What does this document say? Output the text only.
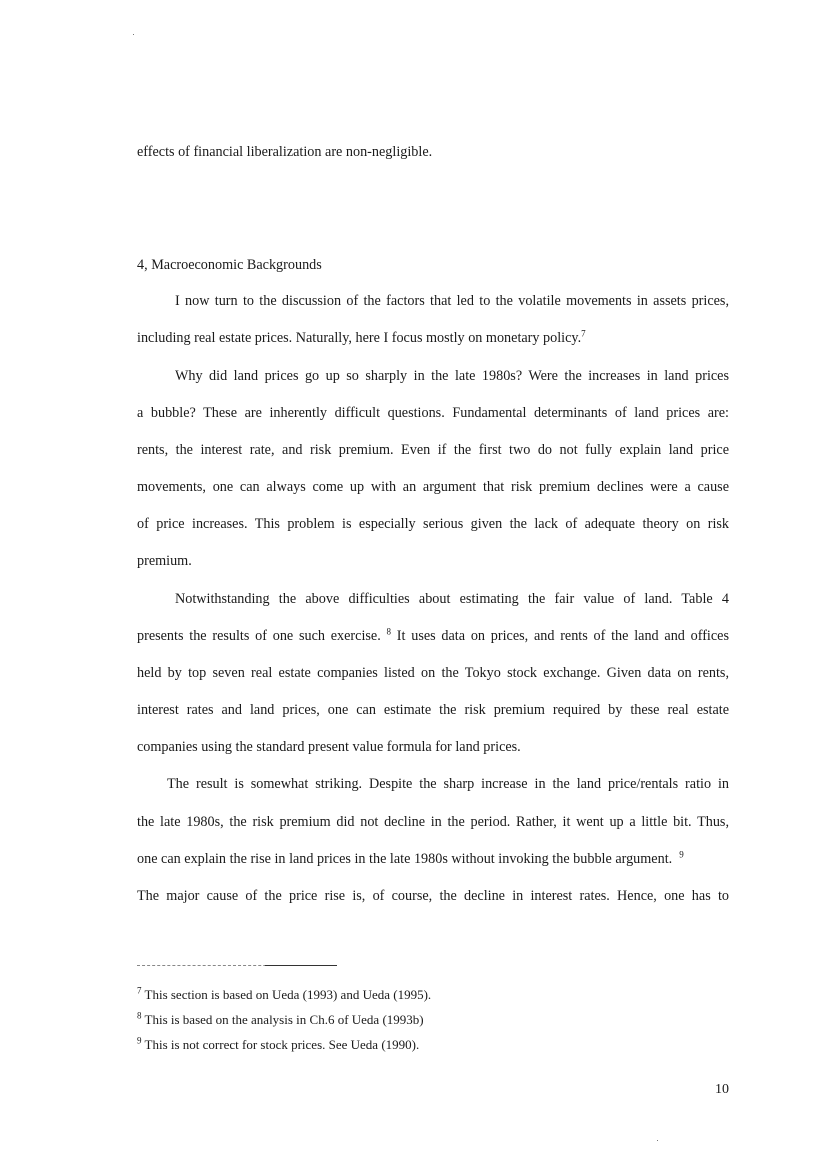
effects of financial liberalization are non-negligible.
4, Macroeconomic Backgrounds
I now turn to the discussion of the factors that led to the volatile movements in assets prices,
including real estate prices. Naturally, here I focus mostly on monetary policy.$^7$
Why did land prices go up so sharply in the late 1980s? Were the increases in land prices
a bubble? These are inherently difficult questions. Fundamental determinants of land prices are:
rents, the interest rate, and risk premium. Even if the first two do not fully explain land price
movements, one can always come up with an argument that risk premium declines were a cause
of price increases. This problem is especially serious given the lack of adequate theory on risk
premium.
Notwithstanding the above difficulties about estimating the fair value of land. Table 4
presents the results of one such exercise. $^8$ It uses data on prices, and rents of the land and offices
held by top seven real estate companies listed on the Tokyo stock exchange. Given data on rents,
interest rates and land prices, one can estimate the risk premium required by these real estate
companies using the standard present value formula for land prices.
The result is somewhat striking. Despite the sharp increase in the land price/rentals ratio in
the late 1980s, the risk premium did not decline in the period. Rather, it went up a little bit. Thus,
one can explain the rise in land prices in the late 1980s without invoking the bubble argument. $^9$
The major cause of the price rise is, of course, the decline in interest rates. Hence, one has to
$^7$ This section is based on Ueda (1993) and Ueda (1995).
$^8$ This is based on the analysis in Ch.6 of Ueda (1993b)
$^9$ This is not correct for stock prices. See Ueda (1990).
10
